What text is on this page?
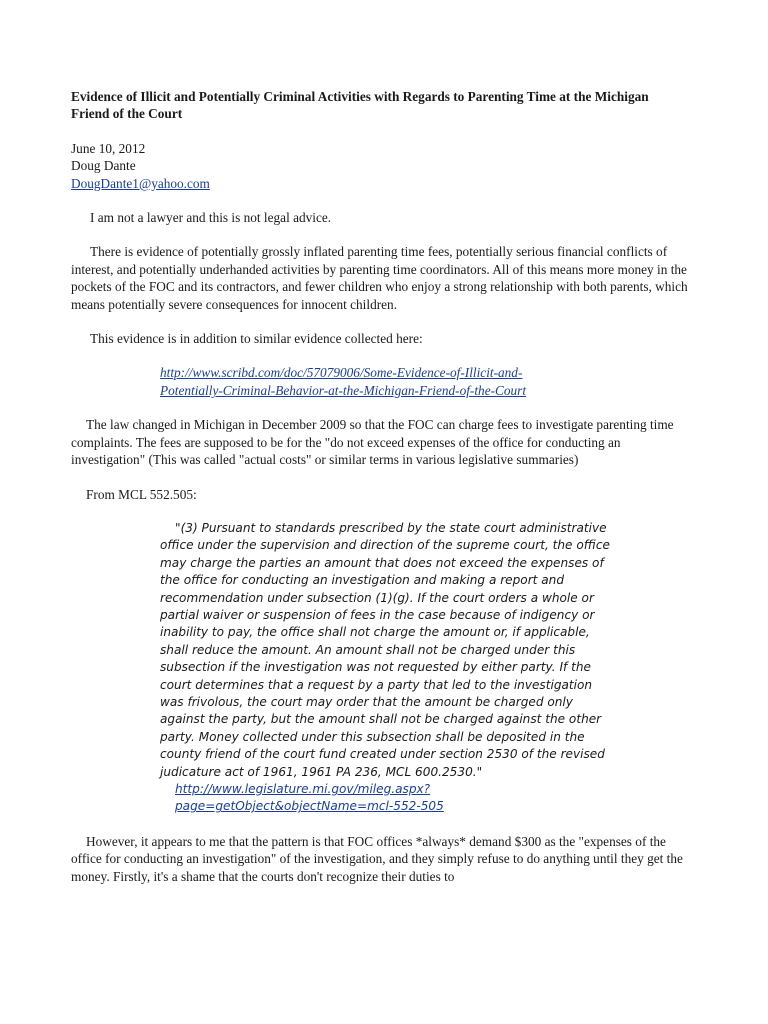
Evidence of Illicit and Potentially Criminal Activities with Regards to Parenting Time at the Michigan Friend of the Court

June 10, 2012

Doug Dante

DougDante1@yahoo.com

I am not a lawyer and this is not legal advice.

There is evidence of potentially grossly inflated parenting time fees, potentially serious financial conflicts of interest, and potentially underhanded activities by parenting time coordinators. All of this means more money in the pockets of the FOC and its contractors, and fewer children who enjoy a strong relationship with both parents, which means potentially severe consequences for innocent children.

This evidence is in addition to similar evidence collected here:

http://www.scribd.com/doc/57079006/Some-Evidence-of-Illicit-and-
Potentially-Criminal-Behavior-at-the-Michigan-Friend-of-the-Court

The law changed in Michigan in December 2009 so that the FOC can charge fees to investigate parenting time complaints. The fees are supposed to be for the "do not exceed expenses of the office for conducting an investigation" (This was called "actual costs" or similar terms in various legislative summaries)

From MCL 552.505:

"(3) Pursuant to standards prescribed by the state court administrative office under the supervision and direction of the supreme court, the office may charge the parties an amount that does not exceed the expenses of the office for conducting an investigation and making a report and recommendation under subsection (1)(g). If the court orders a whole or partial waiver or suspension of fees in the case because of indigency or inability to pay, the office shall not charge the amount or, if applicable, shall reduce the amount. An amount shall not be charged under this subsection if the investigation was not requested by either party. If the court determines that a request by a party that led to the investigation was frivolous, the court may order that the amount be charged only against the party, but the amount shall not be charged against the other party. Money collected under this subsection shall be deposited in the county friend of the court fund created under section 2530 of the revised judicature act of 1961, 1961 PA 236, MCL 600.2530."
http://www.legislature.mi.gov/mileg.aspx?
page=getObject&objectName=mcl-552-505

However, it appears to me that the pattern is that FOC offices *always* demand $300 as the "expenses of the office for conducting an investigation" of the investigation, and they simply refuse to do anything until they get the money. Firstly, it's a shame that the courts don't recognize their duties to
